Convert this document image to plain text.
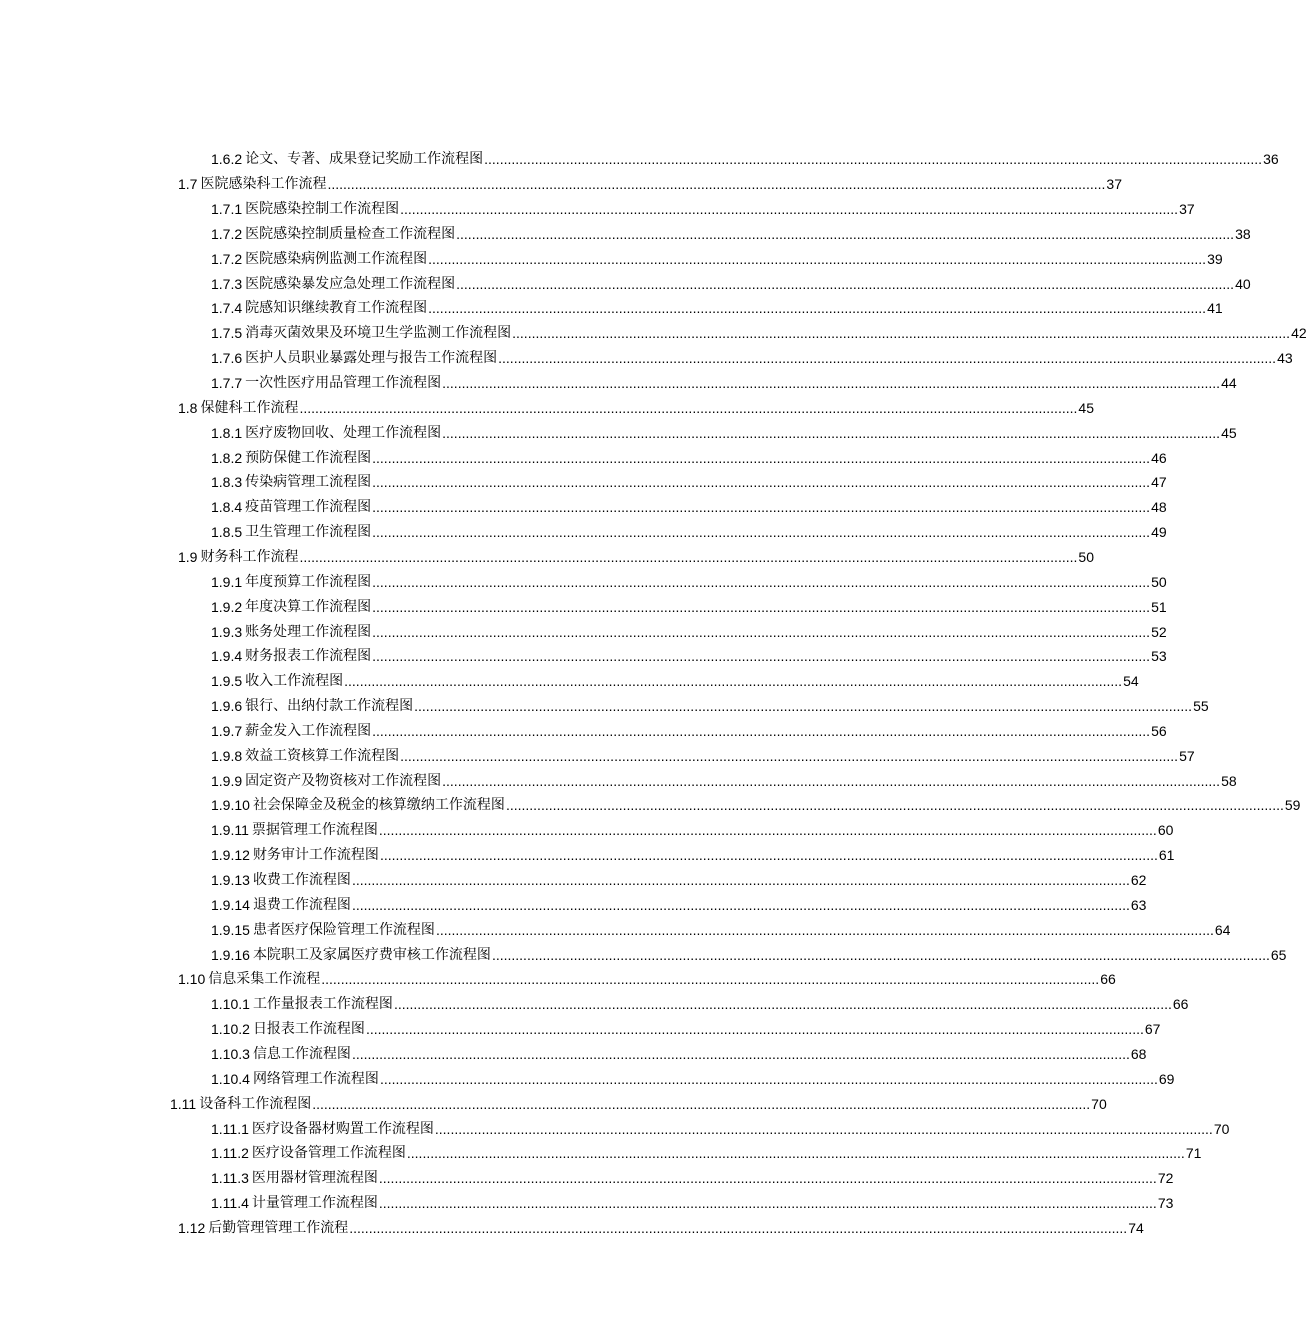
1.6.2 论文、专著、成果登记奖励工作流程图 ........................................................................................................................................................................................................ 36
1.7 医院感染科工作流程 ........................................................................................................................................................................................................ 37
1.7.1 医院感染控制工作流程图 ........................................................................................................................................................................................................ 37
1.7.2 医院感染控制质量检查工作流程图 ........................................................................................................................................................................................................ 38
1.7.2 医院感染病例监测工作流程图 ........................................................................................................................................................................................................ 39
1.7.3 医院感染暴发应急处理工作流程图 ........................................................................................................................................................................................................ 40
1.7.4 院感知识继续教育工作流程图 ........................................................................................................................................................................................................ 41
1.7.5 消毒灭菌效果及环境卫生学监测工作流程图 ........................................................................................................................................................................................................ 42
1.7.6 医护人员职业暴露处理与报告工作流程图 ........................................................................................................................................................................................................ 43
1.7.7 一次性医疗用品管理工作流程图 ........................................................................................................................................................................................................ 44
1.8 保健科工作流程 ........................................................................................................................................................................................................ 45
1.8.1 医疗废物回收、处理工作流程图 ........................................................................................................................................................................................................ 45
1.8.2 预防保健工作流程图 ........................................................................................................................................................................................................ 46
1.8.3 传染病管理工流程图 ........................................................................................................................................................................................................ 47
1.8.4 疫苗管理工作流程图 ........................................................................................................................................................................................................ 48
1.8.5 卫生管理工作流程图 ........................................................................................................................................................................................................ 49
1.9 财务科工作流程 ........................................................................................................................................................................................................ 50
1.9.1 年度预算工作流程图 ........................................................................................................................................................................................................ 50
1.9.2 年度决算工作流程图 ........................................................................................................................................................................................................ 51
1.9.3 账务处理工作流程图 ........................................................................................................................................................................................................ 52
1.9.4 财务报表工作流程图 ........................................................................................................................................................................................................ 53
1.9.5 收入工作流程图 ........................................................................................................................................................................................................ 54
1.9.6 银行、出纳付款工作流程图 ........................................................................................................................................................................................................ 55
1.9.7 薪金发入工作流程图 ........................................................................................................................................................................................................ 56
1.9.8 效益工资核算工作流程图 ........................................................................................................................................................................................................ 57
1.9.9 固定资产及物资核对工作流程图 ........................................................................................................................................................................................................ 58
1.9.10 社会保障金及税金的核算缴纳工作流程图 ........................................................................................................................................................................................................ 59
1.9.11 票据管理工作流程图 ........................................................................................................................................................................................................ 60
1.9.12 财务审计工作流程图 ........................................................................................................................................................................................................ 61
1.9.13 收费工作流程图 ........................................................................................................................................................................................................ 62
1.9.14 退费工作流程图 ........................................................................................................................................................................................................ 63
1.9.15 患者医疗保险管理工作流程图 ........................................................................................................................................................................................................ 64
1.9.16 本院职工及家属医疗费审核工作流程图 ........................................................................................................................................................................................................ 65
1.10 信息采集工作流程 ........................................................................................................................................................................................................ 66
1.10.1 工作量报表工作流程图 ........................................................................................................................................................................................................ 66
1.10.2 日报表工作流程图 ........................................................................................................................................................................................................ 67
1.10.3 信息工作流程图 ........................................................................................................................................................................................................ 68
1.10.4 网络管理工作流程图 ........................................................................................................................................................................................................ 69
1.11 设备科工作流程图 ........................................................................................................................................................................................................ 70
1.11.1 医疗设备器材购置工作流程图 ........................................................................................................................................................................................................ 70
1.11.2 医疗设备管理工作流程图 ........................................................................................................................................................................................................ 71
1.11.3 医用器材管理流程图 ........................................................................................................................................................................................................ 72
1.11.4 计量管理工作流程图 ........................................................................................................................................................................................................ 73
1.12 后勤管理管理工作流程 ........................................................................................................................................................................................................ 74
